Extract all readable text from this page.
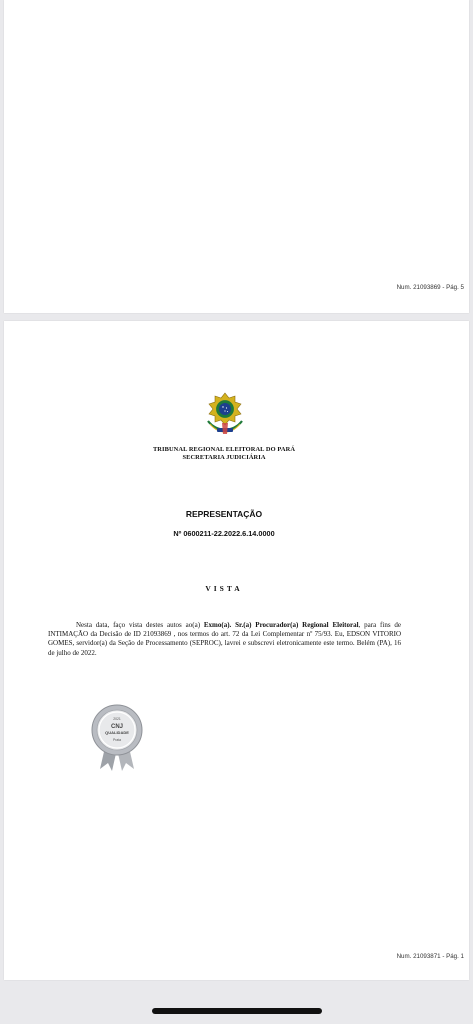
Num. 21093869 - Pág. 5
TRIBUNAL REGIONAL ELEITORAL DO PARÁ
SECRETARIA JUDICIÁRIA
REPRESENTAÇÃO
Nº 0600211-22.2022.6.14.0000
VISTA
Nesta data, faço vista destes autos ao(a) Exmo(a). Sr.(a) Procurador(a) Regional Eleitoral, para fins de INTIMAÇÃO da Decisão de ID 21093869 , nos termos do art. 72 da Lei Complementar nº 75/93. Eu, EDSON VITORIO GOMES, servidor(a) da Seção de Processamento (SEPROC), lavrei e subscrevi eletronicamente este termo. Belém (PA), 16 de julho de 2022.
2021
CNJ
QUALIDADE
Prata
Num. 21093871 - Pág. 1
